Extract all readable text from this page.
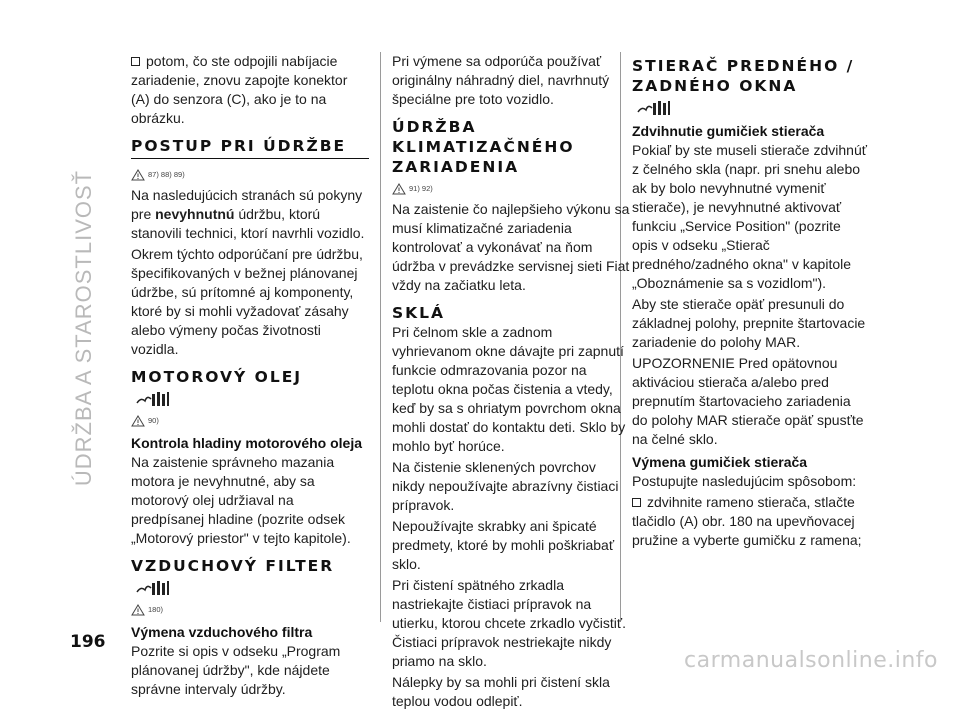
ÚDRŽBA A STAROSTLIVOSŤ

potom, čo ste odpojili nabíjacie zariadenie, znovu zapojte konektor (A) do senzora (C), ako je to na obrázku.

POSTUP PRI ÚDRŽBE
87) 88) 89)

Na nasledujúcich stranách sú pokyny pre nevyhnutnú údržbu, ktorú stanovili technici, ktorí navrhli vozidlo.

Okrem týchto odporúčaní pre údržbu, špecifikovaných v bežnej plánovanej údržbe, sú prítomné aj komponenty, ktoré by si mohli vyžadovať zásahy alebo výmeny počas životnosti vozidla.

MOTOROVÝ OLEJ
90)
Kontrola hladiny motorového oleja

Na zaistenie správneho mazania motora je nevyhnutné, aby sa motorový olej udržiaval na predpísanej hladine (pozrite odsek „Motorový priestor" v tejto kapitole).

VZDUCHOVÝ FILTER
180)
Výmena vzduchového filtra

Pozrite si opis v odseku „Program plánovanej údržby", kde nájdete správne intervaly údržby.

Pri výmene sa odporúča používať originálny náhradný diel, navrhnutý špeciálne pre toto vozidlo.

ÚDRŽBA KLIMATIZAČNÉHO ZARIADENIA
91) 92)

Na zaistenie čo najlepšieho výkonu sa musí klimatizačné zariadenia kontrolovať a vykonávať na ňom údržba v prevádzke servisnej sieti Fiat vždy na začiatku leta.

SKLÁ

Pri čelnom skle a zadnom vyhrievanom okne dávajte pri zapnutí funkcie odmrazovania pozor na teplotu okna počas čistenia a vtedy, keď by sa s ohriatym povrchom okna mohli dostať do kontaktu deti. Sklo by mohlo byť horúce.

Na čistenie sklenených povrchov nikdy nepoužívajte abrazívny čistiaci prípravok.

Nepoužívajte skrabky ani špicaté predmety, ktoré by mohli poškriabať sklo.

Pri čistení spätného zrkadla nastriekajte čistiaci prípravok na utierku, ktorou chcete zrkadlo vyčistiť. Čistiaci prípravok nestriekajte nikdy priamo na sklo.

Nálepky by sa mohli pri čistení skla teplou vodou odlepiť.

STIERAČ PREDNÉHO / ZADNÉHO OKNA
Zdvihnutie gumičiek stierača

Pokiaľ by ste museli stierače zdvihnúť z čelného skla (napr. pri snehu alebo ak by bolo nevyhnutné vymeniť stierače), je nevyhnutné aktivovať funkciu „Service Position" (pozrite opis v odseku „Stierač predného/zadného okna" v kapitole „Oboznámenie sa s vozidlom").

Aby ste stierače opäť presunuli do základnej polohy, prepnite štartovacie zariadenie do polohy MAR.

UPOZORNENIE Pred opätovnou aktiváciou stierača a/alebo pred prepnutím štartovacieho zariadenia do polohy MAR stierače opäť spusťte na čelné sklo.

Výmena gumičiek stierača

Postupujte nasledujúcim spôsobom:

zdvihnite rameno stierača, stlačte tlačidlo (A) obr. 180 na upevňovacej pružine a vyberte gumičku z ramena;

196
carmanualsonline.info
